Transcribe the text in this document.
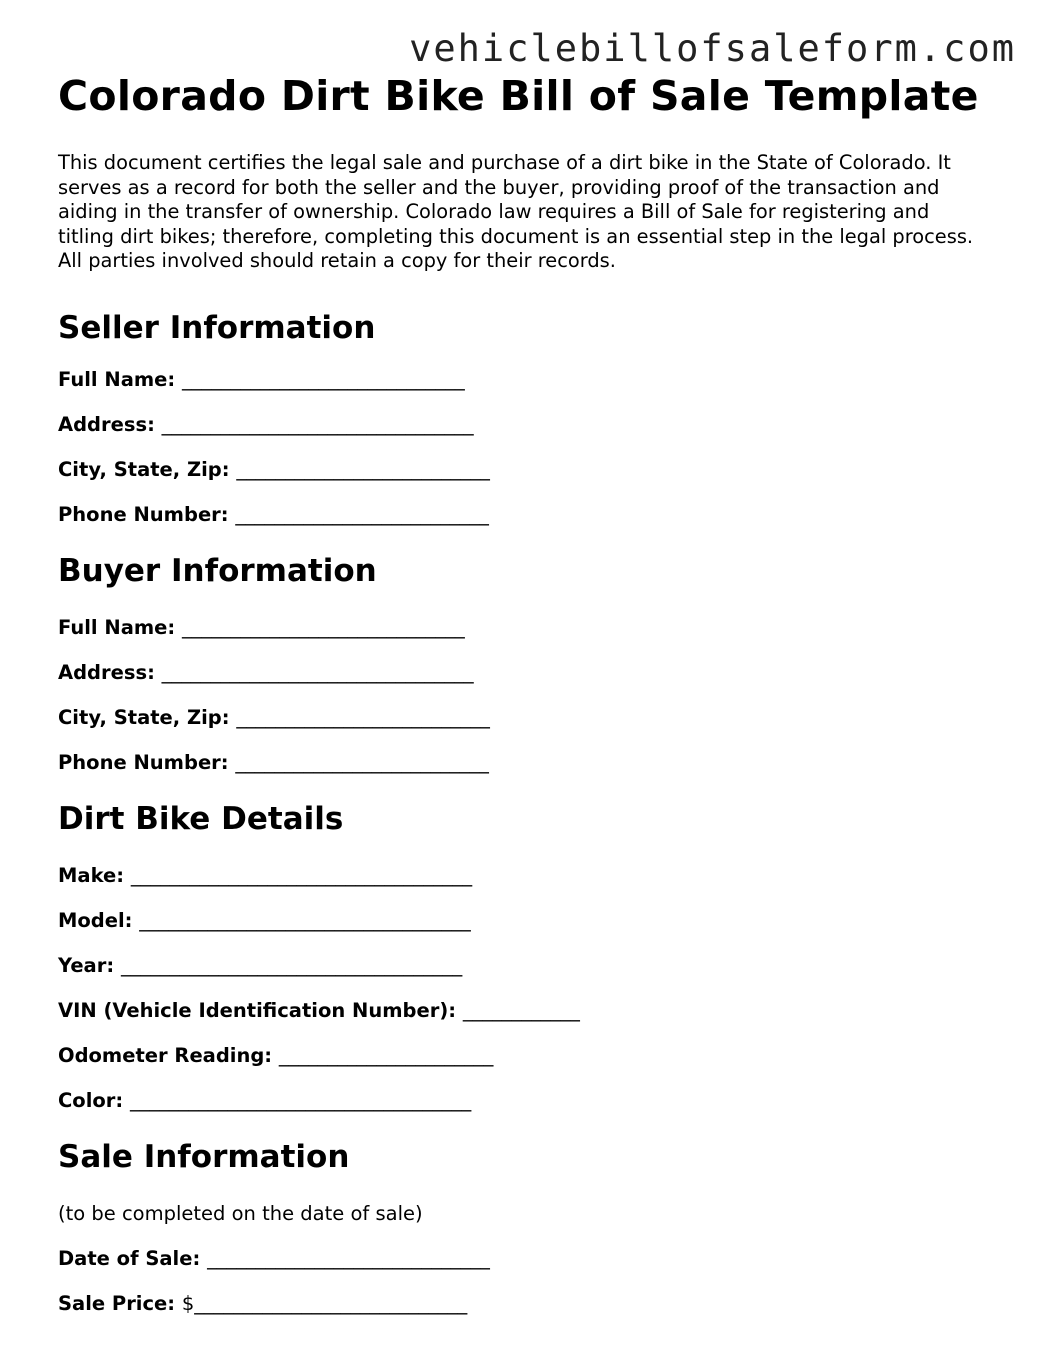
vehiclebillofsaleform.com
Colorado Dirt Bike Bill of Sale Template

This document certifies the legal sale and purchase of a dirt bike in the State of Colorado. It serves as a record for both the seller and the buyer, providing proof of the transaction and aiding in the transfer of ownership. Colorado law requires a Bill of Sale for registering and titling dirt bikes; therefore, completing this document is an essential step in the legal process. All parties involved should retain a copy for their records.

Seller Information
Full Name: _____________________________
Address: ________________________________
City, State, Zip: __________________________
Phone Number: __________________________
Buyer Information
Full Name: _____________________________
Address: ________________________________
City, State, Zip: __________________________
Phone Number: __________________________
Dirt Bike Details
Make: ___________________________________
Model: __________________________________
Year: ___________________________________
VIN (Vehicle Identification Number): ____________
Odometer Reading: ______________________
Color: ___________________________________
Sale Information
(to be completed on the date of sale)
Date of Sale: _____________________________
Sale Price: $____________________________
